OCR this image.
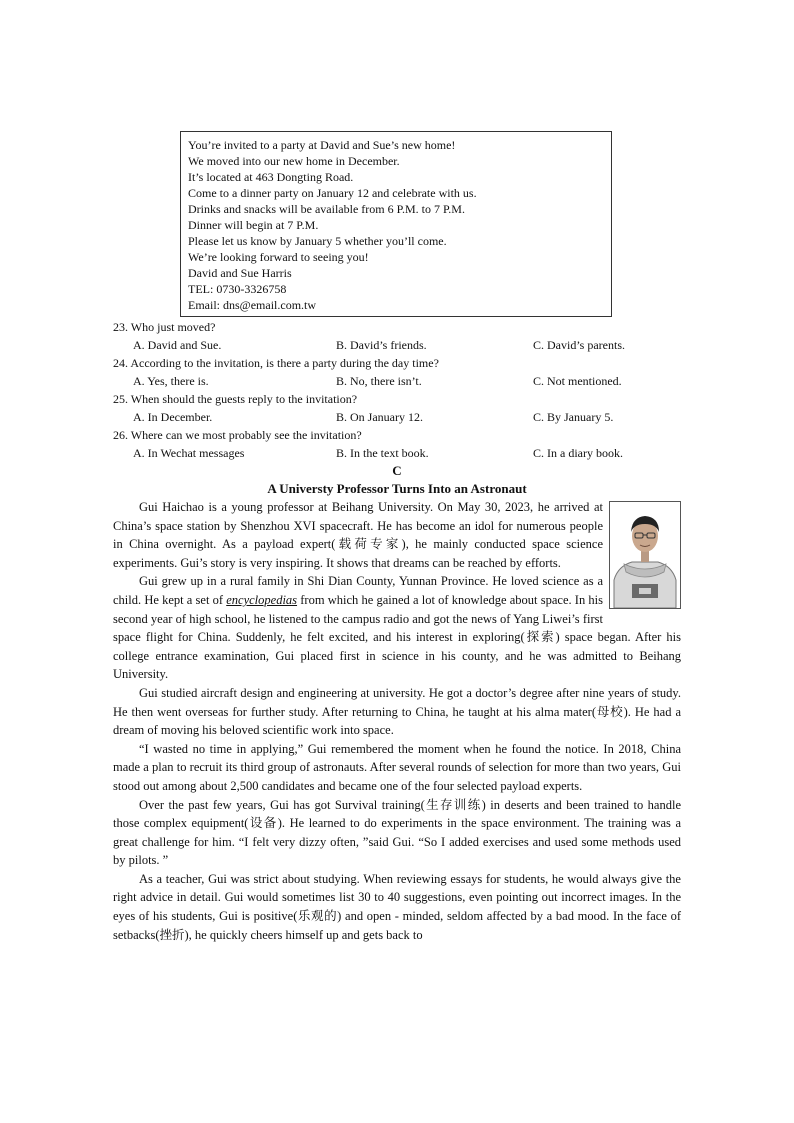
You’re invited to a party at David and Sue’s new home!
We moved into our new home in December.
It’s located at 463 Dongting Road.
Come to a dinner party on January 12 and celebrate with us.
Drinks and snacks will be available from 6 P.M. to 7 P.M.
Dinner will begin at 7 P.M.
Please let us know by January 5 whether you’ll come.
We’re looking forward to seeing you!
David and Sue Harris
TEL: 0730-3326758
Email: dns@email.com.tw
23. Who just moved?
A. David and Sue.	B. David’s friends.	C. David’s parents.
24. According to the invitation, is there a party during the day time?
A. Yes, there is.	B. No, there isn’t.	C. Not mentioned.
25. When should the guests reply to the invitation?
A. In December.	B. On January 12.	C. By January 5.
26. Where can we most probably see the invitation?
A. In Wechat messages	B. In the text book.	C. In a diary book.
C
A Universty Professor Turns Into an Astronaut

Gui Haichao is a young professor at Beihang University. On May 30, 2023, he arrived at China’s space station by Shenzhou XVI spacecraft. He has become an idol for numerous people in China overnight. As a payload expert(载荷专家), he mainly conducted space science experiments. Gui’s story is very inspiring. It shows that dreams can be reached by efforts.

Gui grew up in a rural family in Shi Dian County, Yunnan Province. He loved science as a child. He kept a set of encyclopedias from which he gained a lot of knowledge about space. In his second year of high school, he listened to the campus radio and got the news of Yang Liwei’s first space flight for China. Suddenly, he felt excited, and his interest in exploring(探索) space began. After his college entrance examination, Gui placed first in science in his county, and he was admitted to Beihang University.

Gui studied aircraft design and engineering at university. He got a doctor’s degree after nine years of study. He then went overseas for further study. After returning to China, he taught at his alma mater(母校). He had a dream of moving his beloved scientific work into space.

“I wasted no time in applying,” Gui remembered the moment when he found the notice. In 2018, China made a plan to recruit its third group of astronauts. After several rounds of selection for more than two years, Gui stood out among about 2,500 candidates and became one of the four selected payload experts.

Over the past few years, Gui has got Survival training(生存训练) in deserts and been trained to handle those complex equipment(设备). He learned to do experiments in the space environment. The training was a great challenge for him. “I felt very dizzy often, ”said Gui. “So I added exercises and used some methods used by pilots. ”

As a teacher, Gui was strict about studying. When reviewing essays for students, he would always give the right advice in detail. Gui would sometimes list 30 to 40 suggestions, even pointing out incorrect images. In the eyes of his students, Gui is positive(乐观的) and open - minded, seldom affected by a bad mood. In the face of setbacks(挫折), he quickly cheers himself up and gets back to
